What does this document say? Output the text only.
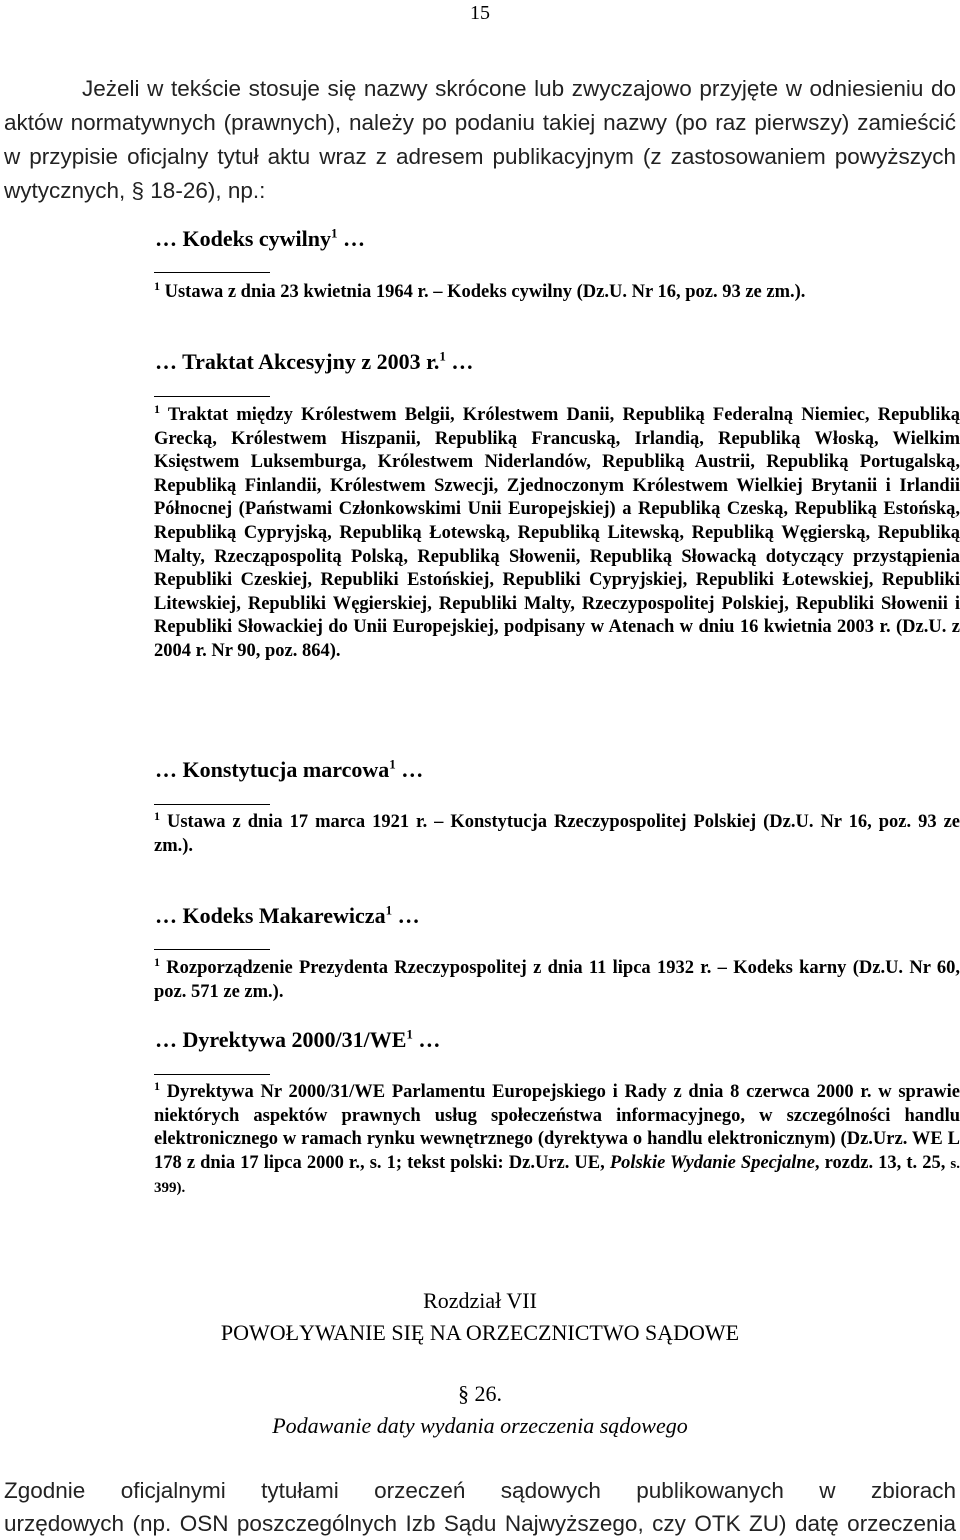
15

Jeżeli w tekście stosuje się nazwy skrócone lub zwyczajowo przyjęte w odniesieniu do aktów normatywnych (prawnych), należy po podaniu takiej nazwy (po raz pierwszy) zamieścić w przypisie oficjalny tytuł aktu wraz z adresem publikacyjnym (z zastosowaniem powyższych wytycznych, § 18-26), np.:

… Kodeks cywilny$^1$ …

$^1$ Ustawa z dnia 23 kwietnia 1964 r. – Kodeks cywilny (Dz.U. Nr 16, poz. 93 ze zm.).

… Traktat Akcesyjny z 2003 r.$^1$ …

$^1$ Traktat między Królestwem Belgii, Królestwem Danii, Republiką Federalną Niemiec, Republiką Grecką, Królestwem Hiszpanii, Republiką Francuską, Irlandią, Republiką Włoską, Wielkim Księstwem Luksemburga, Królestwem Niderlandów, Republiką Austrii, Republiką Portugalską, Republiką Finlandii, Królestwem Szwecji, Zjednoczonym Królestwem Wielkiej Brytanii i Irlandii Północnej (Państwami Członkowskimi Unii Europejskiej) a Republiką Czeską, Republiką Estońską, Republiką Cypryjską, Republiką Łotewską, Republiką Litewską, Republiką Węgierską, Republiką Malty, Rzecząpospolitą Polską, Republiką Słowenii, Republiką Słowacką dotyczący przystąpienia Republiki Czeskiej, Republiki Estońskiej, Republiki Cypryjskiej, Republiki Łotewskiej, Republiki Litewskiej, Republiki Węgierskiej, Republiki Malty, Rzeczypospolitej Polskiej, Republiki Słowenii i Republiki Słowackiej do Unii Europejskiej, podpisany w Atenach w dniu 16 kwietnia 2003 r. (Dz.U. z 2004 r. Nr 90, poz. 864).

… Konstytucja marcowa$^1$ …

$^1$ Ustawa z dnia 17 marca 1921 r. – Konstytucja Rzeczypospolitej Polskiej (Dz.U. Nr 16, poz. 93 ze zm.).

… Kodeks Makarewicza$^1$ …

$^1$ Rozporządzenie Prezydenta Rzeczypospolitej z dnia 11 lipca 1932 r. – Kodeks karny (Dz.U. Nr 60, poz. 571 ze zm.).

… Dyrektywa $2000/31/WE^1$ …

$^1$ Dyrektywa Nr 2000/31/WE Parlamentu Europejskiego i Rady z dnia 8 czerwca 2000 r. w sprawie niektórych aspektów prawnych usług społeczeństwa informacyjnego, w szczególności handlu elektronicznego w ramach rynku wewnętrznego (dyrektywa o handlu elektronicznym) (Dz.Urz. WE L 178 z dnia 17 lipca 2000 r., s. 1; tekst polski: Dz.Urz. UE, Polskie Wydanie Specjalne, rozdz. 13, t. 25, s. 399).

Rozdział VII

POWOŁYWANIE SIĘ NA ORZECZNICTWO SĄDOWE

§ 26.

Podawanie daty wydania orzeczenia sądowego

Zgodnie oficjalnymi tytułami orzeczeń sądowych publikowanych w zbiorach
urzędowych (np. OSN poszczególnych Izb Sądu Najwyższego, czy OTK ZU) datę orzeczenia
